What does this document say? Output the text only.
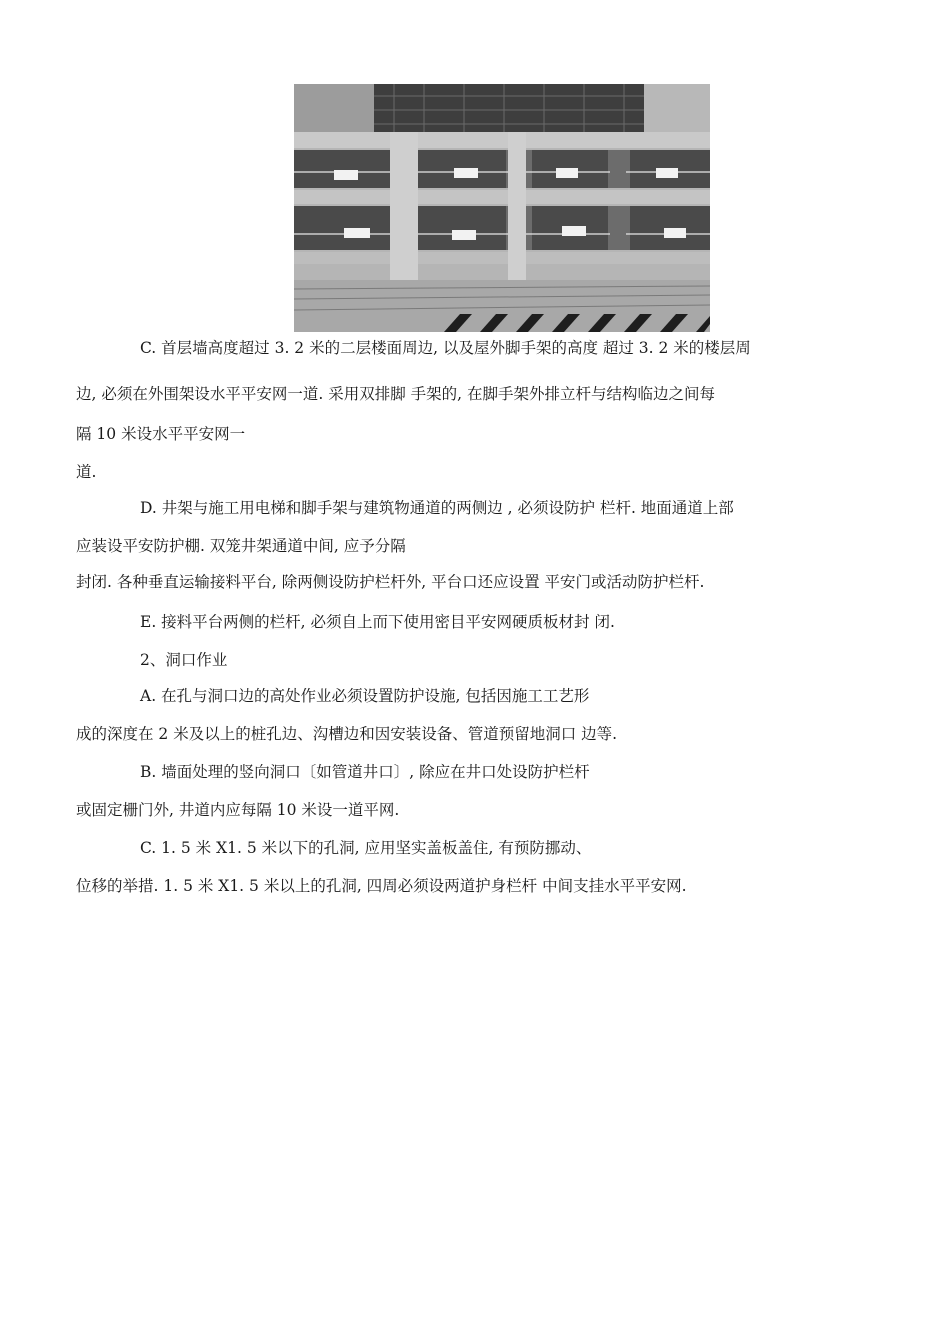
C. 首层墙高度超过 3. 2 米的二层楼面周边, 以及屋外脚手架的高度 超过 3. 2 米的楼层周
边, 必须在外围架设水平平安网一道. 采用双排脚 手架的, 在脚手架外排立杆与结构临边之间每
隔 10 米设水平平安网一
道.
D. 井架与施工用电梯和脚手架与建筑物通道的两侧边 , 必须设防护 栏杆. 地面通道上部
应装设平安防护棚. 双笼井架通道中间, 应予分隔
封闭. 各种垂直运输接料平台, 除两侧设防护栏杆外, 平台口还应设置 平安门或活动防护栏杆.
E. 接料平台两侧的栏杆, 必须自上而下使用密目平安网硬质板材封 闭.
2、洞口作业
A. 在孔与洞口边的高处作业必须设置防护设施, 包括因施工工艺形
成的深度在 2 米及以上的桩孔边、沟槽边和因安装设备、管道预留地洞口 边等.
B. 墙面处理的竖向洞口〔如管道井口〕, 除应在井口处设防护栏杆
或固定栅门外, 井道内应每隔 10 米设一道平网.
C. 1. 5 米 X1. 5 米以下的孔洞, 应用坚实盖板盖住, 有预防挪动、
位移的举措. 1. 5 米 X1. 5 米以上的孔洞, 四周必须设两道护身栏杆 中间支挂水平平安网.
